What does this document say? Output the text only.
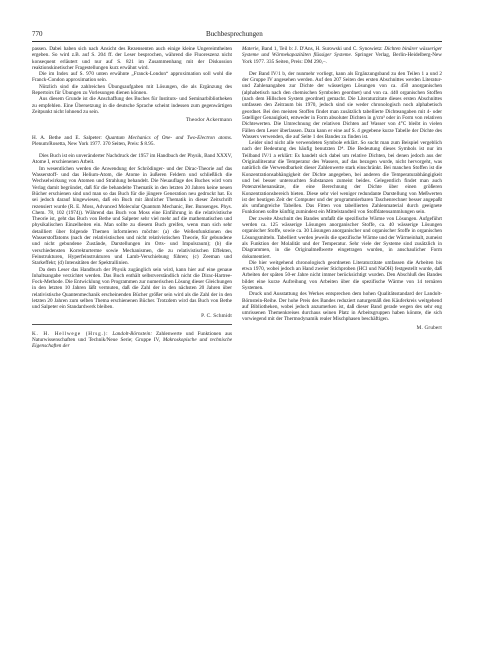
770	Buchbesprechungen

passen. Dabei haben sich nach Ansicht des Rezensenten auch einige kleine Ungereimtheiten ergeben. So wird z.B. auf S. 204 ff. der Leser besprochen, während die Fluoreszenz nicht konsequent erläutert und nur auf S. 821 im Zusammenhang mit der Diskussion reaktionskinetischer Fragestellungen kurz erwähnt wird.

Die im Index auf S. 970 unten erwähnte „Franck-London“ approximation soll wohl die Franck-Condon approximation sein.

Nützlich sind die zahlreichen Übungsaufgaben mit Lösungen, die als Ergänzung des Repertoirs für Übungen zu Vorlesungen dienen können.

Aus diesem Grunde ist die Anschaffung des Buches für Instituts- und Seminarbibliotheken zu empfehlen. Eine Übersetzung in die deutsche Sprache scheint indessen zum gegenwärtigen Zeitpunkt nicht lohnend zu sein.

Theodor Ackermann

H. A. Bethe and E. Salpeter: Quantum Mechanics of One- and Two-Electron atoms. Plenum/Rosetta, New York 1977. 370 Seiten, Preis: $ 8.95.

Dies Buch ist ein unveränderter Nachdruck der 1957 im Handbuch der Physik, Band XXXV, Atome I, erschienenen Arbeit.

Im wesentlichen werden die Anwendung der Schrödinger- und der Dirac-Theorie auf das Wasserstoff- und das Helium-Atom, die Atome in äußeren Feldern und schließlich die Wechselwirkung von Atomen und Strahlung behandelt. Die Neuauflage des Buches wird vom Verlag damit begründet, daß für die behandelte Thematik in den letzten 20 Jahren keine neuen Bücher erschienen sind und man so das Buch für die jüngere Generation neu gedruckt hat. Es sei jedoch darauf hingewiesen, daß ein Buch mit ähnlicher Thematik in dieser Zeitschrift rezensiert wurde (R. E. Moss, Advanced Molecular Quantum Mechanic, Ber. Bunsenges. Phys. Chem. 78, 102 (1974)). Während das Buch von Moss eine Einführung in die relativistische Theorie ist, geht das Buch von Bethe und Salpeter sehr viel mehr auf die mathematischen und physikalischen Einzelheiten ein. Man sollte zu diesem Buch greifen, wenn man sich sehr detailliert über folgende Themen informieren möchte: (a) die Wellenfunktionen des Wasserstoffatoms (nach der relativistischen und nicht relativistischen Theorie, für gebundene und nicht gebundene Zustände, Darstellungen im Orts- und Impulsraum); (b) die verschiedensten Korrekturterme sowie Mechanismen, die zu relativistischen Effekten, Feinstrukturen, Hyperfeinstrukturen und Lamb-Verschiebung führen; (c) Zeeman und Starkeffekt; (d) Intensitäten der Spektrallinien.

Da dem Leser das Handbuch der Physik zugänglich sein wird, kann hier auf eine genaue Inhaltsangabe verzichtet werden. Das Buch enthält selbstverständlich nicht die Dirac-Hartree-Fock-Methode. Die Entwicklung von Programmen zur numerischen Lösung dieser Gleichungen in den letzten 10 Jahren läßt vermuten, daß die Zahl der in den nächsten 20 Jahren über relativistische Quantenmechanik erscheinenden Bücher größer sein wird als die Zahl der in den letzten 20 Jahren zum selben Thema erschienenen Bücher. Trotzdem wird das Buch von Bethe und Salpeter ein Standardwerk bleiben.

P. C. Schmidt

K. H. Hellwege (Hrsg.): Landolt-Börnstein: Zahlenwerte und Funktionen aus Naturwissenschaften und Technik/Neue Serie; Gruppe IV, Makroskopische und technische Eigenschaften der

Materie, Band 1, Teil b: J. D'Ans, H. Surowski und C. Synowietz: Dichten binärer wässeriger Systeme und Wärmekapazitäten flüssiger Systeme. Springer Verlag, Berlin-Heidelberg-New York 1977. 335 Seiten, Preis: DM 290,–.

Der Band IV/1 b, der nunmehr vorliegt, kann als Ergänzungsband zu den Teilen 1 a und 2 der Gruppe IV angesehen werden. Auf den 207 Seiten des ersten Abschnittes werden Literatur- und Zahlenangaben zur Dichte der wässerigen Lösungen von ca. 450 anorganischen (alphabetisch nach den chemischen Symbolen geordnet) und von ca. 440 organischen Stoffen (nach dem Hillschen System geordnet) gemacht. Die Literaturzitate dieses ersten Abschnittes umfassen den Zeitraum bis 1970, jedoch sind sie weder chronologisch noch alphabetisch geordnet. Bei den meisten Stoffen findet man zusätzlich tabellierte Dichteangaben mit 4- oder 5stelliger Genauigkeit, entweder in Form absoluter Dichten in g/cm³ oder in Form von relativen Dichtewerten. Die Umrechnung der relativen Dichten auf Wasser von 4°C bleibt in vielen Fällen dem Leser überlassen. Dazu kann er eine auf S. 4 gegebene kurze Tabelle der Dichte des Wassers verwenden, die auf Seite 1 des Bandes zu finden ist.

Leider sind nicht alle verwendeten Symbole erklärt. So sucht man zum Beispiel vergeblich nach der Bedeutung des häufig benutzten D⁴. Die Bedeutung dieses Symbols ist nur im Teilband IV/1 a erklärt: Es handelt sich dabei um relative Dichten, bei denen jedoch aus der Originalliteratur die Temperatur des Wassers, auf das bezogen wurde, nicht hervorgeht, was natürlich die Verwendbarkeit dieser Zahlenwerte stark einschränkt. Bei manchen Stoffen ist die Konzentrationsabhängigkeit der Dichte angegeben, bei anderen die Temperaturabhängigkeit und bei besser untersuchten Substanzen zumeist beides. Gelegentlich findet man auch Potenzreihenansätze, die eine Berechnung der Dichte über einen größeren Konzentrationsbereich bieten. Diese sehr viel weniger redundante Darstellung von Meßwerten ist der heutigen Zeit der Computer und der programmierbaren Taschenrechner besser angepaßt als umfangreiche Tabellen. Das Fitten von tabellierten Zahlenmaterial durch geeignete Funktionen sollte künftig zumindest ein Mittelstandteil von Stoffdatensammlungen sein.

Der zweite Abschnitt des Bandes umfaßt die spezifische Wärme von Lösungen. Aufgeführt werden ca. 125 wässerige Lösungen anorganischer Stoffe, ca. 40 wässerige Lösungen organischer Stoffe, sowie ca. 30 Lösungen anorganischer und organischer Stoffe in organischen Lösungsmitteln. Tabelliert werden jeweils die spezifische Wärme und der Wärmeinhalt, zumeist als Funktion der Molalität und der Temperatur. Sehr viele der Systeme sind zusätzlich in Diagrammen, in die Originalmeßwerte eingetragen wurden, in anschaulicher Form dokumentiert.

Die hier weitgehend chronologisch geordneten Literaturzitate umfassen die Arbeiten bis etwa 1970, wobei jedoch an Hand zweier Stichproben (HCl und NaOH) festgestellt wurde, daß Arbeiten der späten 50-er Jahre nicht immer berücksichtigt wurden. Den Abschluß des Bandes bildet eine kurze Aufreihung von Arbeiten über die spezifische Wärme von 14 ternären Systemen.

Druck und Ausstattung des Werkes entsprechen dem hohen Qualitätsstandard der Landolt-Börnstein-Reihe. Der hohe Preis des Bandes reduziert naturgemäß den Käuferkreis weitgehend auf Bibliotheken, wobei jedoch anzumerken ist, daß dieser Band gerade wegen des sehr eng umrissenen Themenkreises durchaus seinen Platz in Arbeitsgruppen haben könnte, die sich vorwiegend mit der Thermodynamik realer Mischphasen beschäftigen.

M. Grubert
